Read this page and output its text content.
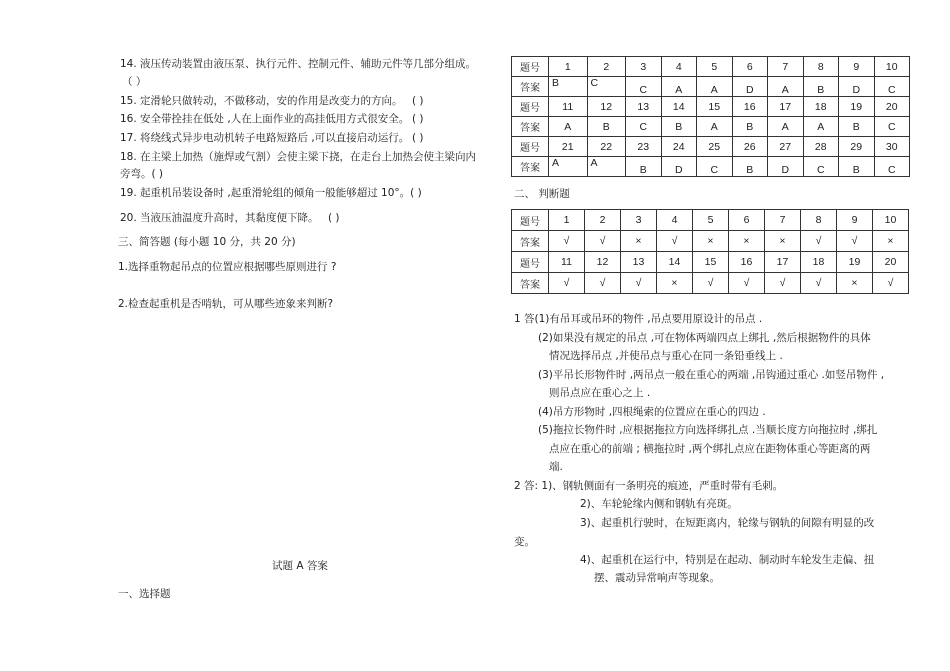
14. 液压传动装置由液压泵、执行元件、控制元件、辅助元件等几部分组成。
（ ）
15. 定滑轮只做转动，不做移动，安的作用是改变力的方向。 ( )
16. 安全带拴挂在低处 ,人在上面作业的高挂低用方式很安全。 ( )
17. 将绕线式异步电动机转子电路短路后 ,可以直接启动运行。 ( )
18. 在主梁上加热（施焊或气割）会使主梁下挠，在走台上加热会使主梁向内
旁弯。( )
19. 起重机吊装设备时 ,起重滑轮组的倾角一般能够超过 10°。( )
20. 当液压油温度升高时，其黏度便下降。 ( )
三、简答题 (每小题 10 分，共 20 分)
1.选择重物起吊点的位置应根据哪些原则进行 ?
2.检查起重机是否啃轨，可从哪些迹象来判断?
试题 A 答案
一、选择题
题号	1	2	3	4	5	6	7	8	9	10
答案	B	C	C	A	A	D	A	B	D	C
题号	11	12	13	14	15	16	17	18	19	20
答案	A	B	C	B	A	B	A	A	B	C
题号	21	22	23	24	25	26	27	28	29	30
答案	A	A	B	D	C	B	D	C	B	C
二、 判断题
题号	1	2	3	4	5	6	7	8	9	10
答案	√	√	×	√	×	×	×	√	√	×
题号	11	12	13	14	15	16	17	18	19	20
答案	√	√	√	×	√	√	√	√	×	√
1 答(1)有吊耳或吊环的物件 ,吊点要用原设计的吊点 .
(2)如果没有规定的吊点 ,可在物体两端四点上绑扎 ,然后根据物件的具体
情况选择吊点 ,并使吊点与重心在同一条铅垂线上 .
(3)平吊长形物件时 ,两吊点一般在重心的两端 ,吊钩通过重心 .如竖吊物件 ,
则吊点应在重心之上 .
(4)吊方形物时 ,四根绳索的位置应在重心的四边 .
(5)拖拉长物件时 ,应根据拖拉方向选择绑扎点 .当顺长度方向拖拉时 ,绑扎
点应在重心的前端 ; 横拖拉时 ,两个绑扎点应在距物体重心等距离的两
端.
2 答: 1)、钢轨侧面有一条明亮的痕迹，严重时带有毛刺。
2)、车轮轮缘内侧和钢轨有亮斑。
3)、起重机行驶时，在短距离内，轮缘与钢轨的间隙有明显的改
变。
4)、起重机在运行中，特别是在起动、制动时车轮发生走偏、扭
摆、震动异常响声等现象。
